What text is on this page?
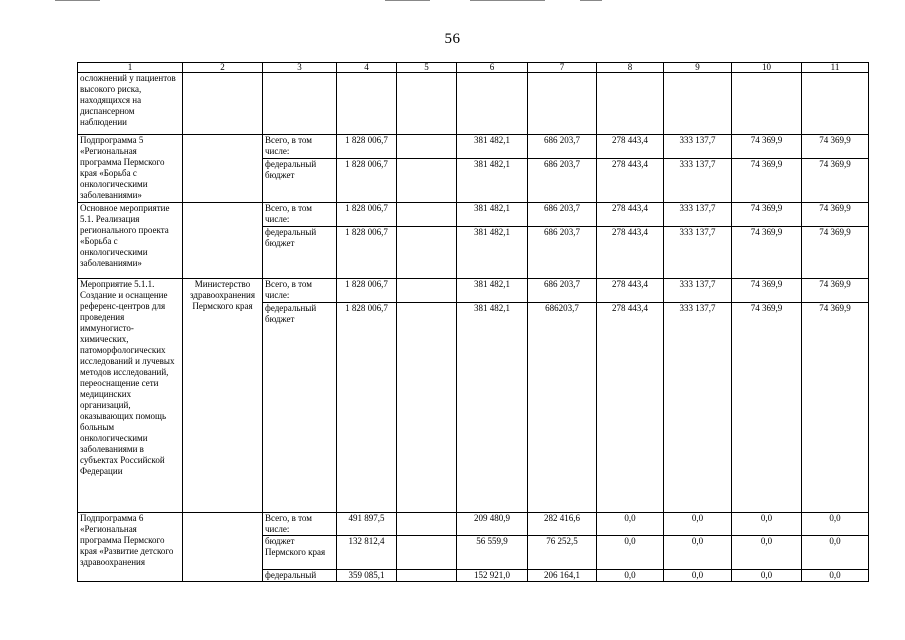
56
1	2	3	4	5	6	7	8	9	10	11
осложнений у пациентов высокого риска, находящихся на диспансерном наблюдении										
Подпрограмма 5 «Региональная программа Пермского края «Борьба с онкологическими заболеваниями»		Всего, в том числе:	1 828 006,7		381 482,1	686 203,7	278 443,4	333 137,7	74 369,9	74 369,9
		федеральный бюджет	1 828 006,7		381 482,1	686 203,7	278 443,4	333 137,7	74 369,9	74 369,9
Основное мероприятие 5.1. Реализация регионального проекта «Борьба с онкологическими заболеваниями»		Всего, в том числе:	1 828 006,7		381 482,1	686 203,7	278 443,4	333 137,7	74 369,9	74 369,9
		федеральный бюджет	1 828 006,7		381 482,1	686 203,7	278 443,4	333 137,7	74 369,9	74 369,9
Мероприятие 5.1.1. Создание и оснащение референс-центров для проведения иммуногисто-химических, патоморфологических исследований и лучевых методов исследований, переоснащение сети медицинских организаций, оказывающих помощь больным онкологическими заболеваниями в субъектах Российской Федерации	Министерство здравоохранения Пермского края	Всего, в том числе:	1 828 006,7		381 482,1	686 203,7	278 443,4	333 137,7	74 369,9	74 369,9
		федеральный бюджет	1 828 006,7		381 482,1	686203,7	278 443,4	333 137,7	74 369,9	74 369,9
Подпрограмма 6 «Региональная программа Пермского края «Развитие детского здравоохранения		Всего, в том числе:	491 897,5		209 480,9	282 416,6	0,0	0,0	0,0	0,0
		бюджет Пермского края	132 812,4		56 559,9	76 252,5	0,0	0,0	0,0	0,0
		федеральный	359 085,1		152 921,0	206 164,1	0,0	0,0	0,0	0,0
